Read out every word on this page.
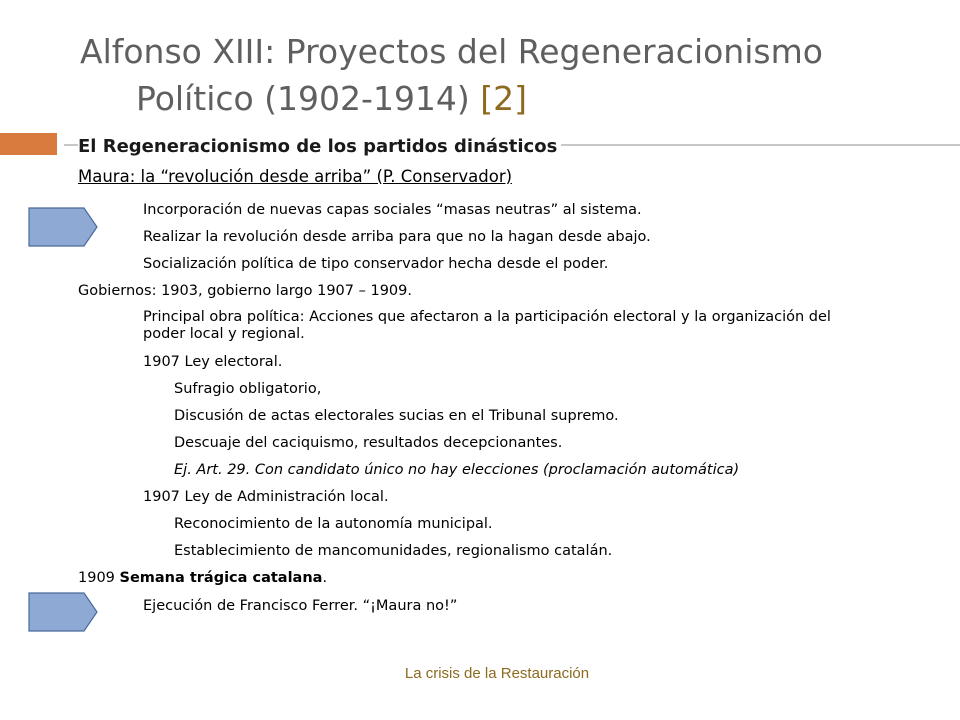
Alfonso XIII: Proyectos del Regeneracionismo
Político (1902-1914) [2]
El Regeneracionismo de los partidos dinásticos
Maura: la “revolución desde arriba” (P. Conservador)
Incorporación de nuevas capas sociales “masas neutras” al sistema.
Realizar la revolución desde arriba para que no la hagan desde abajo.
Socialización política de tipo conservador hecha desde el poder.
Gobiernos: 1903, gobierno largo 1907 – 1909.
Principal obra política: Acciones que afectaron a la participación electoral y la organización del poder local y regional.
1907 Ley electoral.
Sufragio obligatorio,
Discusión de actas electorales sucias en el Tribunal supremo.
Descuaje del caciquismo, resultados decepcionantes.
Ej. Art. 29. Con candidato único no hay elecciones (proclamación automática)
1907 Ley de Administración local.
Reconocimiento de la autonomía municipal.
Establecimiento de mancomunidades, regionalismo catalán.
1909 Semana trágica catalana.
Ejecución de Francisco Ferrer. “¡Maura no!”
La crisis de la Restauración
